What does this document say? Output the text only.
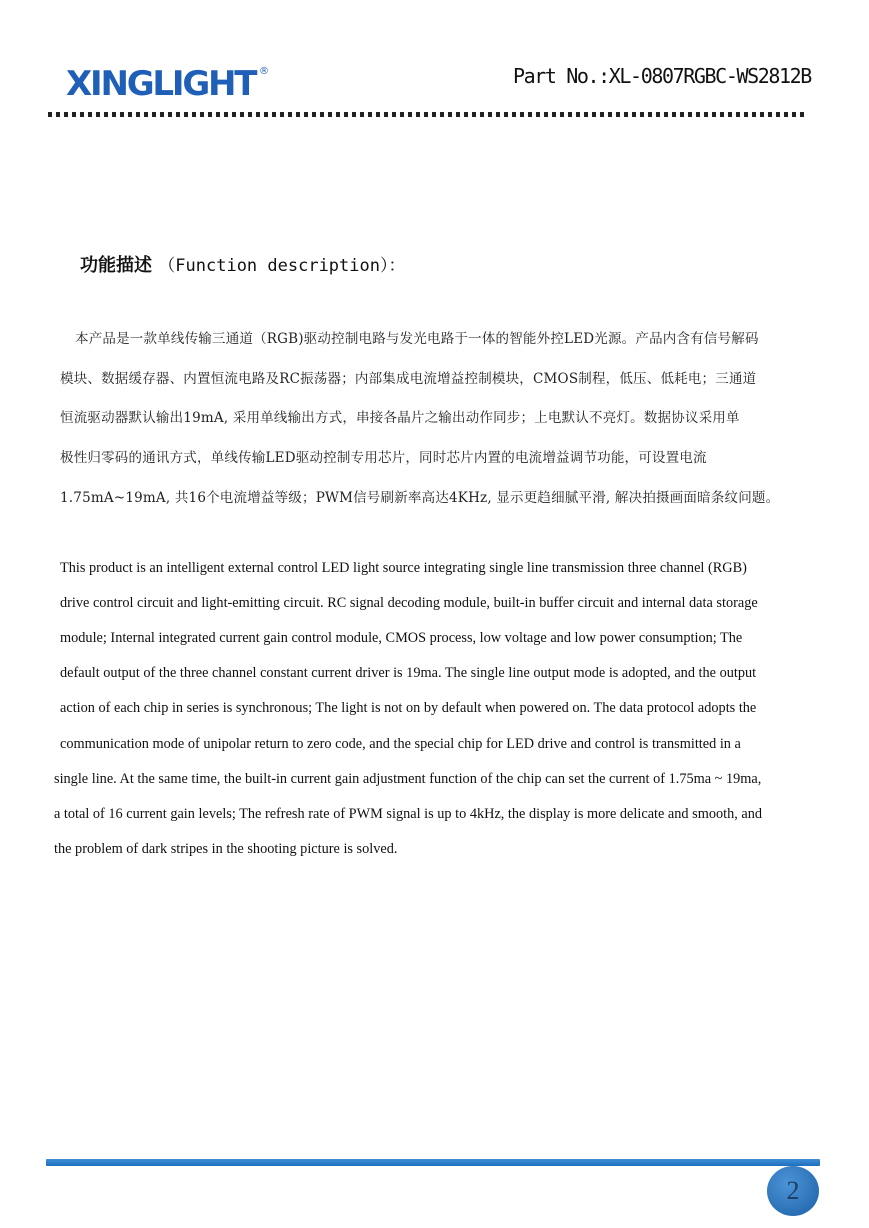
XINGLIGHT ®	Part No.:XL-0807RGBC-WS2812B
功能描述 （Function description）：
本产品是一款单线传输三通道（RGB)驱动控制电路与发光电路于一体的智能外控LED光源。产品内含有信号解码
模块、数据缓存器、内置恒流电路及RC振荡器；内部集成电流增益控制模块，CMOS制程，低压、低耗电；三通道
恒流驱动器默认输出19mA, 采用单线输出方式，串接各晶片之输出动作同步；上电默认不亮灯。数据协议采用单
极性归零码的通讯方式，单线传输LED驱动控制专用芯片，同时芯片内置的电流增益调节功能，可设置电流
1.75mA~19mA, 共16个电流增益等级；PWM信号刷新率高达4KHz, 显示更趋细腻平滑, 解决拍摄画面暗条纹问题。
This product is an intelligent external control LED light source integrating single line transmission three channel (RGB)
drive control circuit and light-emitting circuit. RC signal decoding module, built-in buffer circuit and internal data storage
module; Internal integrated current gain control module, CMOS process, low voltage and low power consumption; The
default output of the three channel constant current driver is 19ma. The single line output mode is adopted, and the output
action of each chip in series is synchronous; The light is not on by default when powered on. The data protocol adopts the
communication mode of unipolar return to zero code, and the special chip for LED drive and control is transmitted in a
single line. At the same time, the built-in current gain adjustment function of the chip can set the current of 1.75ma ~ 19ma,
a total of 16 current gain levels; The refresh rate of PWM signal is up to 4kHz, the display is more delicate and smooth, and
the problem of dark stripes in the shooting picture is solved.
2
